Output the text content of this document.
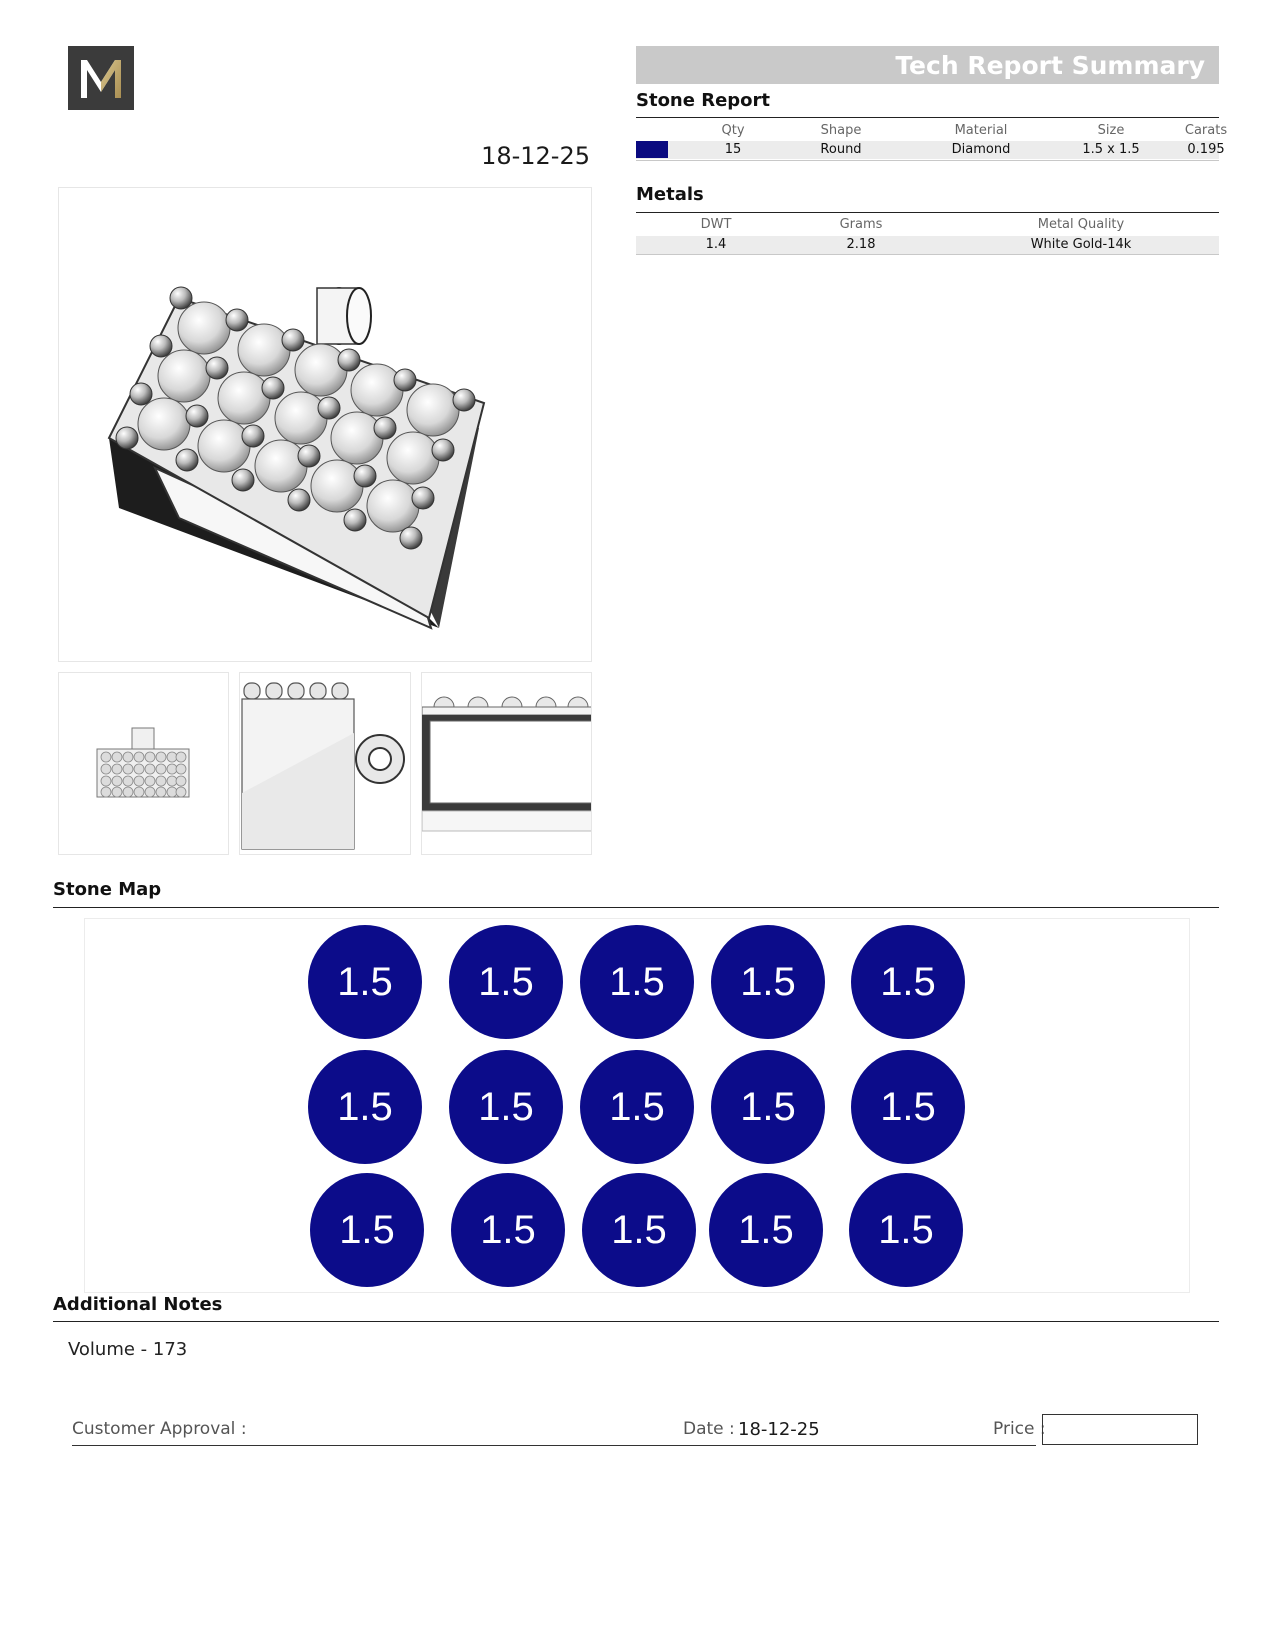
18-12-25
Tech Report Summary
Stone Report
Qty	Shape	Material	Size	Carats
15	Round	Diamond	1.5 x 1.5	0.195
Metals
DWT	Grams	Metal Quality
1.4	2.18	White Gold-14k
Stone Map
1.5	1.5	1.5	1.5	1.5
1.5	1.5	1.5	1.5	1.5
1.5	1.5	1.5	1.5	1.5
Additional Notes
Volume - 173
Customer Approval :	Date : 18-12-25	Price :
